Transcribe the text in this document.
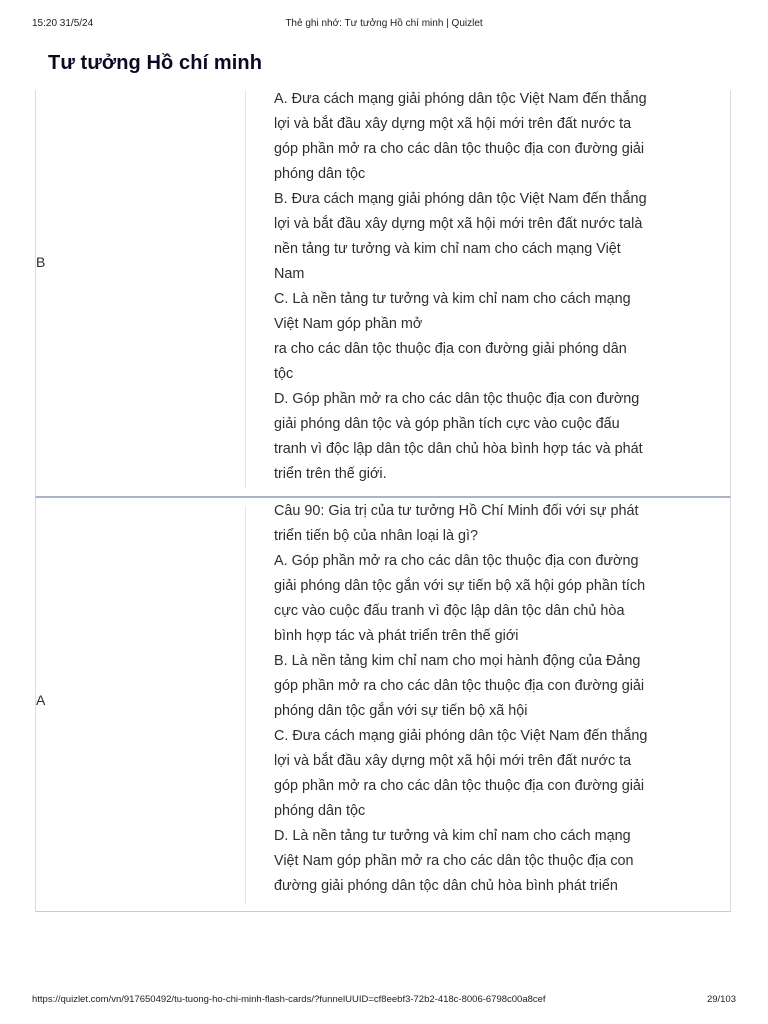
15:20 31/5/24	Thẻ ghi nhớ: Tư tưởng Hồ chí minh | Quizlet
Tư tưởng Hồ chí minh
B

A. Đưa cách mạng giải phóng dân tộc Việt Nam đến thắng

lợi và bắt đầu xây dựng một xã hội mới trên đất nước ta

góp phần mở ra cho các dân tộc thuộc địa con đường giải

phóng dân tộc

B. Đưa cách mạng giải phóng dân tộc Việt Nam đến thắng

lợi và bắt đầu xây dựng một xã hội mới trên đất nước talà

nền tảng tư tưởng và kim chỉ nam cho cách mạng Việt

Nam

C. Là nền tảng tư tưởng và kim chỉ nam cho cách mạng

Việt Nam góp phần mở

ra cho các dân tộc thuộc địa con đường giải phóng dân

tộc

D. Góp phần mở ra cho các dân tộc thuộc địa con đường

giải phóng dân tộc và góp phần tích cực vào cuộc đấu

tranh vì độc lập dân tộc dân chủ hòa bình hợp tác và phát

triển trên thế giới.

A

Câu 90: Gia trị của tư tưởng Hồ Chí Minh đối với sự phát

triển tiến bộ của nhân loại là gì?

A. Góp phần mở ra cho các dân tộc thuộc địa con đường

giải phóng dân tộc gắn với sự tiến bộ xã hội góp phần tích

cực vào cuộc đấu tranh vì độc lập dân tộc dân chủ hòa

bình hợp tác và phát triển trên thế giới

B. Là nền tảng kim chỉ nam cho mọi hành động của Đảng

góp phần mở ra cho các dân tộc thuộc địa con đường giải

phóng dân tộc gắn với sự tiến bộ xã hội

C. Đưa cách mạng giải phóng dân tộc Việt Nam đến thắng

lợi và bắt đầu xây dựng một xã hội mới trên đất nước ta

góp phần mở ra cho các dân tộc thuộc địa con đường giải

phóng dân tộc

D. Là nền tảng tư tưởng và kim chỉ nam cho cách mạng

Việt Nam góp phần mở ra cho các dân tộc thuộc địa con

đường giải phóng dân tộc dân chủ hòa bình phát triển

https://quizlet.com/vn/917650492/tu-tuong-ho-chi-minh-flash-cards/?funnelUUID=cf8eebf3-72b2-418c-8006-6798c00a8cef	29/103
